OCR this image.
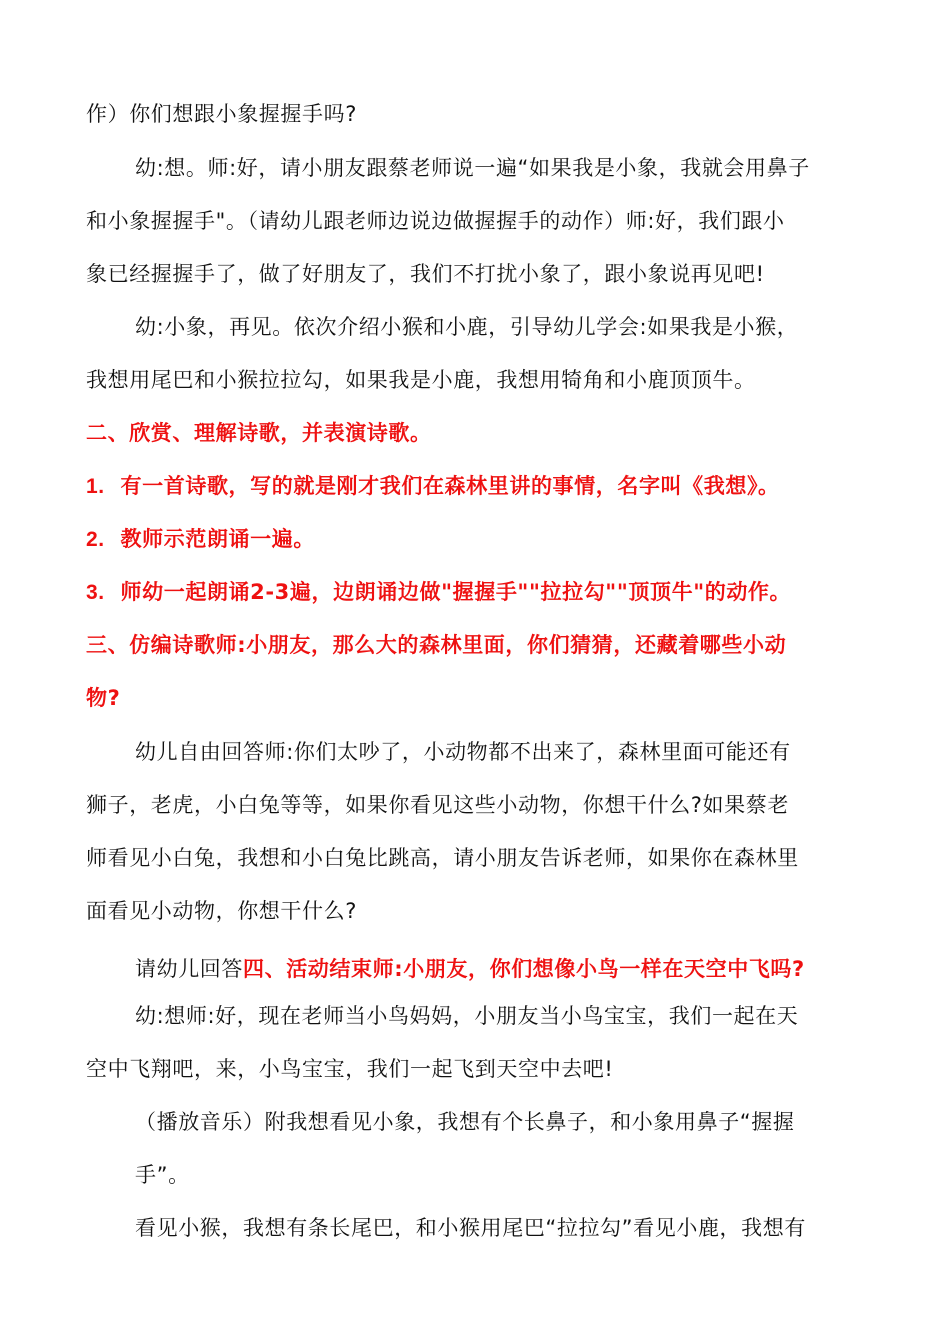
作）你们想跟小象握握手吗?
幼:想。师:好，请小朋友跟蔡老师说一遍“如果我是小象，我就会用鼻子
和小象握握手"。（请幼儿跟老师边说边做握握手的动作）师:好，我们跟小
象已经握握手了，做了好朋友了，我们不打扰小象了，跟小象说再见吧!
幼:小象，再见。依次介绍小猴和小鹿，引导幼儿学会:如果我是小猴，
我想用尾巴和小猴拉拉勾，如果我是小鹿，我想用犄角和小鹿顶顶牛。
二、欣赏、理解诗歌，并表演诗歌。
1. 有一首诗歌，写的就是刚才我们在森林里讲的事情，名字叫《我想》。
2. 教师示范朗诵一遍。
3. 师幼一起朗诵2-3遍，边朗诵边做"握握手""拉拉勾""顶顶牛"的动作。
三、仿编诗歌师:小朋友，那么大的森林里面，你们猜猜，还藏着哪些小动
物?
幼儿自由回答师:你们太吵了，小动物都不出来了，森林里面可能还有
狮子，老虎，小白兔等等，如果你看见这些小动物，你想干什么?如果蔡老
师看见小白兔，我想和小白兔比跳高，请小朋友告诉老师，如果你在森林里
面看见小动物，你想干什么?
请幼儿回答四、活动结束师:小朋友，你们想像小鸟一样在天空中飞吗?
幼:想师:好，现在老师当小鸟妈妈，小朋友当小鸟宝宝，我们一起在天
空中飞翔吧，来，小鸟宝宝，我们一起飞到天空中去吧!
（播放音乐）附我想看见小象，我想有个长鼻子，和小象用鼻子“握握
手”。
看见小猴，我想有条长尾巴，和小猴用尾巴“拉拉勾”看见小鹿，我想有
